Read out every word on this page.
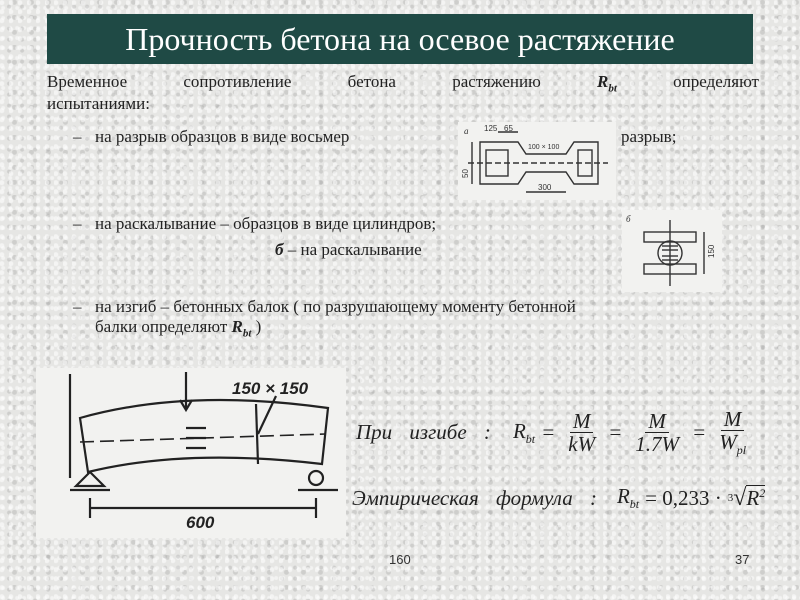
Прочность бетона на осевое растяжение
Временное	сопротивление	бетона	растяжению	$R_{bt}$	определяют
испытаниями:
– на разрыв образцов в виде восьмер	разрыв;
а 125 65
100 × 100
300
50
– на раскалывание – образцов в виде цилиндров;
б – на раскалывание
б
150
– на изгиб – бетонных балок ( по разрушающему моменту бетонной
балки определяют $R_{bt}$ )
150 × 150
600
При изгибе : $R_{bt} = \frac{M}{kW} = \frac{M}{1.7W} = \frac{M}{W_{pl}}$
Эмпирическая формула : $R_{bt} = 0,233 \cdot 3$ √ $R^2$
160	37
